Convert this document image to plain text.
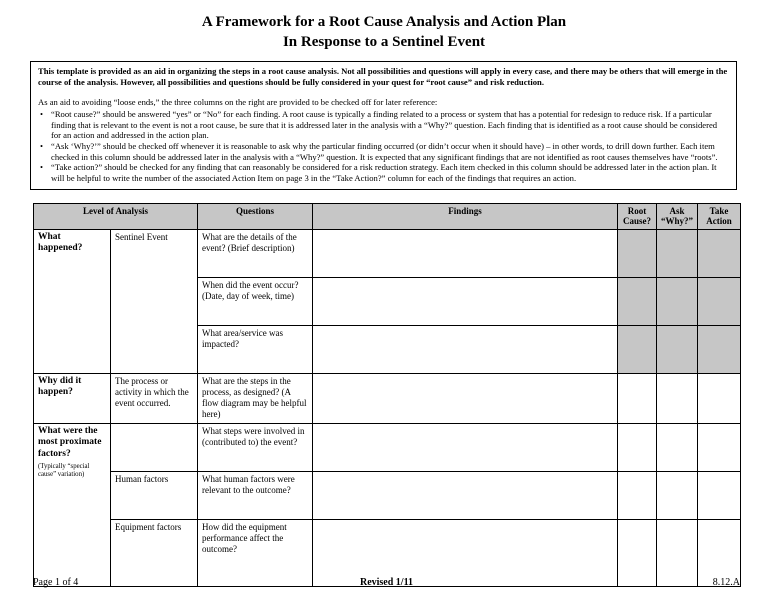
A Framework for a Root Cause Analysis and Action Plan
In Response to a Sentinel Event

This template is provided as an aid in organizing the steps in a root cause analysis. Not all possibilities and questions will apply in every case, and there may be others that will emerge in the course of the analysis. However, all possibilities and questions should be fully considered in your quest for “root cause” and risk reduction.

As an aid to avoiding “loose ends,” the three columns on the right are provided to be checked off for later reference:

• “Root cause?” should be answered “yes” or “No” for each finding. A root cause is typically a finding related to a process or system that has a potential for redesign to reduce risk. If a particular finding that is relevant to the event is not a root cause, be sure that it is addressed later in the analysis with a “Why?” question. Each finding that is identified as a root cause should be considered for an action and addressed in the action plan.
• “Ask ‘Why?’” should be checked off whenever it is reasonable to ask why the particular finding occurred (or didn’t occur when it should have) – in other words, to drill down further. Each item checked in this column should be addressed later in the analysis with a “Why?” question. It is expected that any significant findings that are not identified as root causes themselves have “roots”.
• “Take action?” should be checked for any finding that can reasonably be considered for a risk reduction strategy. Each item checked in this column should be addressed later in the action plan. It will be helpful to write the number of the associated Action Item on page 3 in the “Take Action?” column for each of the findings that requires an action.
Level of Analysis		Questions	Findings	Root Cause?	Ask “Why?”	Take Action
What happened?	Sentinel Event	What are the details of the event? (Brief description)				
		When did the event occur? (Date, day of week, time)				
		What area/service was impacted?				
Why did it happen?	The process or activity in which the event occurred.	What are the steps in the process, as designed? (A flow diagram may be helpful here)				
What were the most proximate factors?
(Typically “special cause” variation)		What steps were involved in (contributed to) the event?				
	Human factors	What human factors were relevant to the outcome?				
	Equipment factors	How did the equipment performance affect the outcome?				
Page 1 of 4	Revised 1/11	8.12.A
